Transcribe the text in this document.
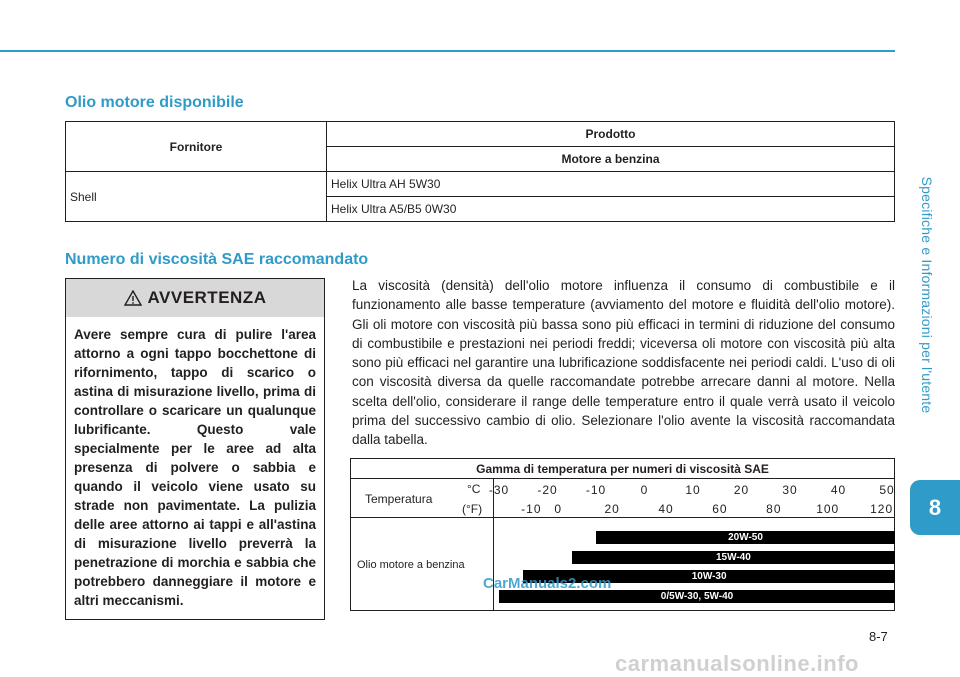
Specifiche e Informazioni per l'utente
8
Olio motore disponibile
Fornitore	Prodotto
	Motore a benzina
Shell	Helix Ultra AH 5W30
	Helix Ultra A5/B5 0W30
Numero di viscosità SAE raccomandato
AVVERTENZA
Avere sempre cura di pulire l'area attorno a ogni tappo bocchettone di rifornimento, tappo di scarico o astina di misurazione livello, prima di controllare o scaricare un qualunque lubrificante. Questo vale specialmente per le aree ad alta presenza di polvere o sabbia e quando il veicolo viene usato su strade non pavimentate. La pulizia delle aree attorno ai tappi e all'astina di misurazione livello preverrà la penetrazione di morchia e sabbia che potrebbero danneggiare il motore e altri meccanismi.
La viscosità (densità) dell'olio motore influenza il consumo di combustibile e il funzionamento alle basse temperature (avviamento del motore e fluidità dell'olio motore). Gli oli motore con viscosità più bassa sono più efficaci in termini di riduzione del consumo di combustibile e prestazioni nei periodi freddi; viceversa oli motore con viscosità più alta sono più efficaci nel garantire una lubrificazione soddisfacente nei periodi caldi. L'uso di oli con viscosità diversa da quelle raccomandate potrebbe arrecare danni al motore. Nella scelta dell'olio, considerare il range delle temperature entro il quale verrà usato il veicolo prima del successivo cambio di olio. Selezionare l'olio avente la viscosità raccomandata dalla tabella.
Gamma di temperatura per numeri di viscosità SAE
Temperatura
°C
(°F)
Olio motore a benzina
-30 -20 -10	0	10	20	30	40	50
-10 0	20	40	60	80	100	120
20W-50
15W-40
10W-30
0/5W-30, 5W-40
CarManuals2.com
8-7
carmanualsonline.info
